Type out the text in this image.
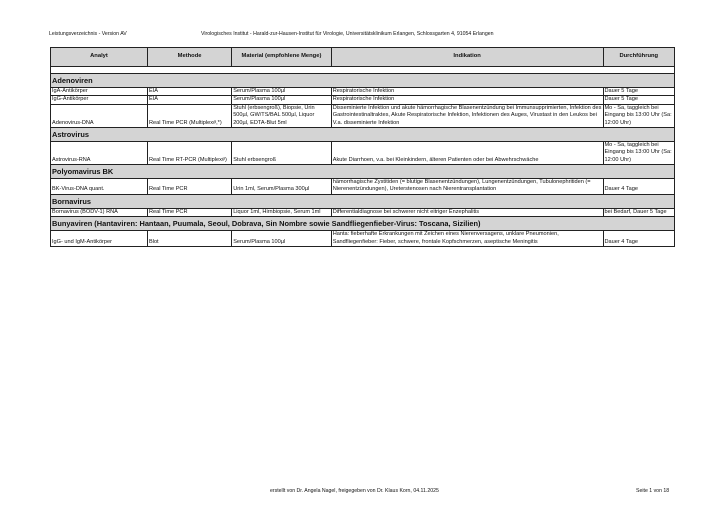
Leistungsverzeichnis - Version AV	Virologisches Institut - Harald-zur-Hausen-Institut für Virologie, Universitätsklinikum Erlangen, Schlossgarten 4, 91054 Erlangen
Analyt	Methode	Material (empfohlene Menge)	Indikation	Durchführung

Adenoviren				
IgA-Antikörper	EIA	Serum/Plasma 100µl	Respiratorische Infektion	Dauer 5 Tage
IgG-Antikörper	EIA	Serum/Plasma 100µl	Respiratorische Infektion	Dauer 5 Tage
Adenovirus-DNA	Real Time PCR (Multiplex#,*)	Stuhl (erbsengroß), Biopsie, Urin 500µl, GW/TS/BAL 500µl, Liquor 200µl, EDTA-Blut 5ml	Disseminierte Infektion und akute hämorrhagische Blasenentzündung bei Immunsupprimierten, Infektion des Gastrointestinaltraktes, Akute Respiratorische Infektion, Infektionen des Auges, Virustast in den Leukos bei V.a. disseminierte Infektion	Mo - Sa, taggleich bei Eingang bis 13:00 Uhr (Sa: 12:00 Uhr)
Astrovirus				
Astrovirus-RNA	Real Time RT-PCR (Multiplex#)	Stuhl erbsengroß	Akute Diarrhoen, v.a. bei Kleinkindern, älteren Patienten oder bei Abwehrschwäche	Mo - Sa, taggleich bei Eingang bis 13:00 Uhr (Sa: 12:00 Uhr)
Polyomavirus BK				
BK-Virus-DNA quant.	Real Time PCR	Urin 1ml, Serum/Plasma 300µl	hämorrhagische Zystitiden (= blutige Blasenentzündungen), Lungenentzündungen, Tubulonephritiden (= Nierenentzündungen), Ureterstenosen nach Nierentransplantation	Dauer 4 Tage
Bornavirus				
Bornavirus (BODV-1) RNA	Real Time PCR	Liquor 1ml, Hirnbiopsie, Serum 1ml	Differentialdiagnose bei schwerer nicht eitriger Enzephalitis	bei Bedarf, Dauer 5 Tage
Bunyaviren (Hantaviren: Hantaan, Puumala, Seoul, Dobrava, Sin Nombre sowie Sandfliegenfieber-Virus: Toscana, Sizilien)				
IgG- und IgM-Antikörper	Blot	Serum/Plasma 100µl	Hanta: fieberhafte Erkrankungen mit Zeichen eines Nierenversagens, unklare Pneumonien, Sandfliegenfieber: Fieber, schwere, frontale Kopfschmerzen, aseptische Meningitis	Dauer 4 Tage
erstellt von Dr. Angela Nagel, freigegeben von Dr. Klaus Korn, 04.11.2025	Seite 1 von 18
